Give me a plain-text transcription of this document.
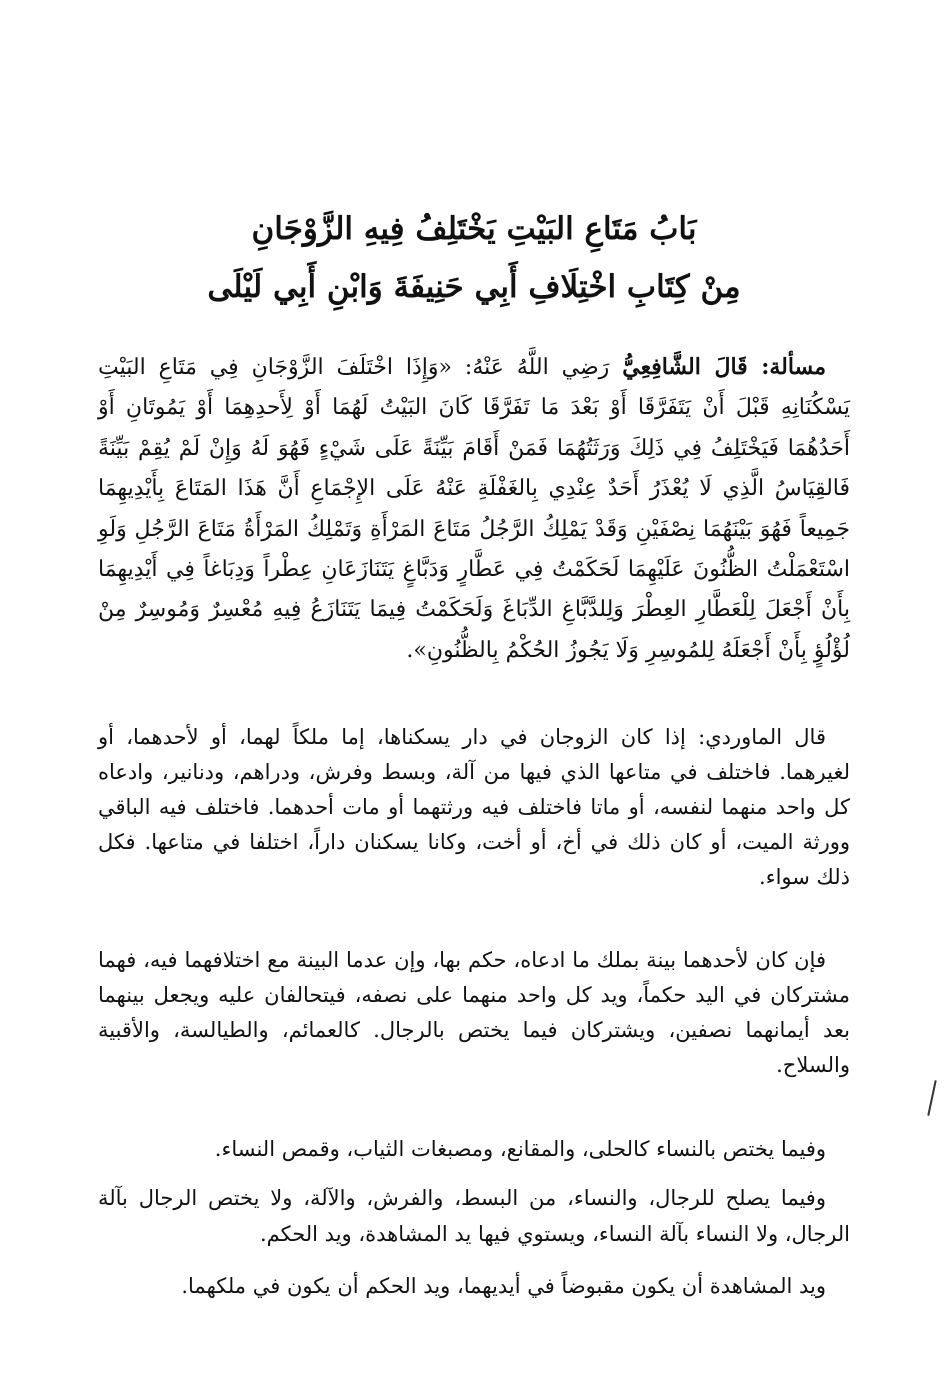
بَابُ مَتَاعِ البَيْتِ يَخْتَلِفُ فِيهِ الزَّوْجَانِ

مِنْ كِتَابِ اخْتِلَافِ أَبِي حَنِيفَةَ وَابْنِ أَبِي لَيْلَى

مسألة: قَالَ الشَّافِعِيُّ رَضِي اللَّهُ عَنْهُ: «وَإِذَا اخْتَلَفَ الزَّوْجَانِ فِي مَتَاعِ البَيْتِ يَسْكُنَانِهِ قَبْلَ أَنْ يَتَفَرَّقَا أَوْ بَعْدَ مَا تَفَرَّقَا كَانَ البَيْتُ لَهُمَا أَوْ لِأَحدِهِمَا أَوْ يَمُوتَانِ أَوْ أَحَدُهُمَا فَيَخْتَلِفُ فِي ذَلِكَ وَرَثَتُهُمَا فَمَنْ أَقَامَ بَيِّنَةً عَلَى شَيْءٍ فَهُوَ لَهُ وَإِنْ لَمْ يُقِمْ بَيِّنَةً فَالقِيَاسُ الَّذِي لَا يُعْذَرُ أَحَدٌ عِنْدِي بِالغَفْلَةِ عَنْهُ عَلَى الإِجْمَاعِ أَنَّ هَذَا المَتَاعَ بِأَيْدِيهِمَا جَمِيعاً فَهُوَ بَيْنَهُمَا نِصْفَيْنِ وَقَدْ يَمْلِكُ الرَّجُلُ مَتَاعَ المَرْأَةِ وَتَمْلِكُ المَرْأَةُ مَتَاعَ الرَّجُلِ وَلَوِ اسْتَعْمَلْتُ الظُّنُونَ عَلَيْهِمَا لَحَكَمْتُ فِي عَطَّارٍ وَدَبَّاغٍ يَتَنَازَعَانِ عِطْراً وَدِبَاغاً فِي أَيْدِيهِمَا بِأَنْ أَجْعَلَ لِلْعَطَّارِ العِطْرَ وَلِلدَّبَّاغِ الدِّبَاغَ وَلَحَكَمْتُ فِيمَا يَتَنَازَعُ فِيهِ مُعْسِرٌ وَمُوسِرٌ مِنْ لُؤْلُؤٍ بِأَنْ أَجْعَلَهُ لِلمُوسِرِ وَلَا يَجُوزُ الحُكْمُ بِالظُّنُونِ».

قال الماوردي: إذا كان الزوجان في دار يسكناها، إما ملكاً لهما، أو لأحدهما، أو لغيرهما. فاختلف في متاعها الذي فيها من آلة، وبسط وفرش، ودراهم، ودنانير، وادعاه كل واحد منهما لنفسه، أو ماتا فاختلف فيه ورثتهما أو مات أحدهما. فاختلف فيه الباقي وورثة الميت، أو كان ذلك في أخ، أو أخت، وكانا يسكنان داراً، اختلفا في متاعها. فكل ذلك سواء.

فإن كان لأحدهما بينة بملك ما ادعاه، حكم بها، وإن عدما البينة مع اختلافهما فيه، فهما مشتركان في اليد حكماً، ويد كل واحد منهما على نصفه، فيتحالفان عليه ويجعل بينهما بعد أيمانهما نصفين، ويشتركان فيما يختص بالرجال. كالعمائم، والطيالسة، والأقبية والسلاح.

وفيما يختص بالنساء كالحلى، والمقانع، ومصبغات الثياب، وقمص النساء.

وفيما يصلح للرجال، والنساء، من البسط، والفرش، والآلة، ولا يختص الرجال بآلة الرجال، ولا النساء بآلة النساء، ويستوي فيها يد المشاهدة، ويد الحكم.

ويد المشاهدة أن يكون مقبوضاً في أيديهما، ويد الحكم أن يكون في ملكهما.
